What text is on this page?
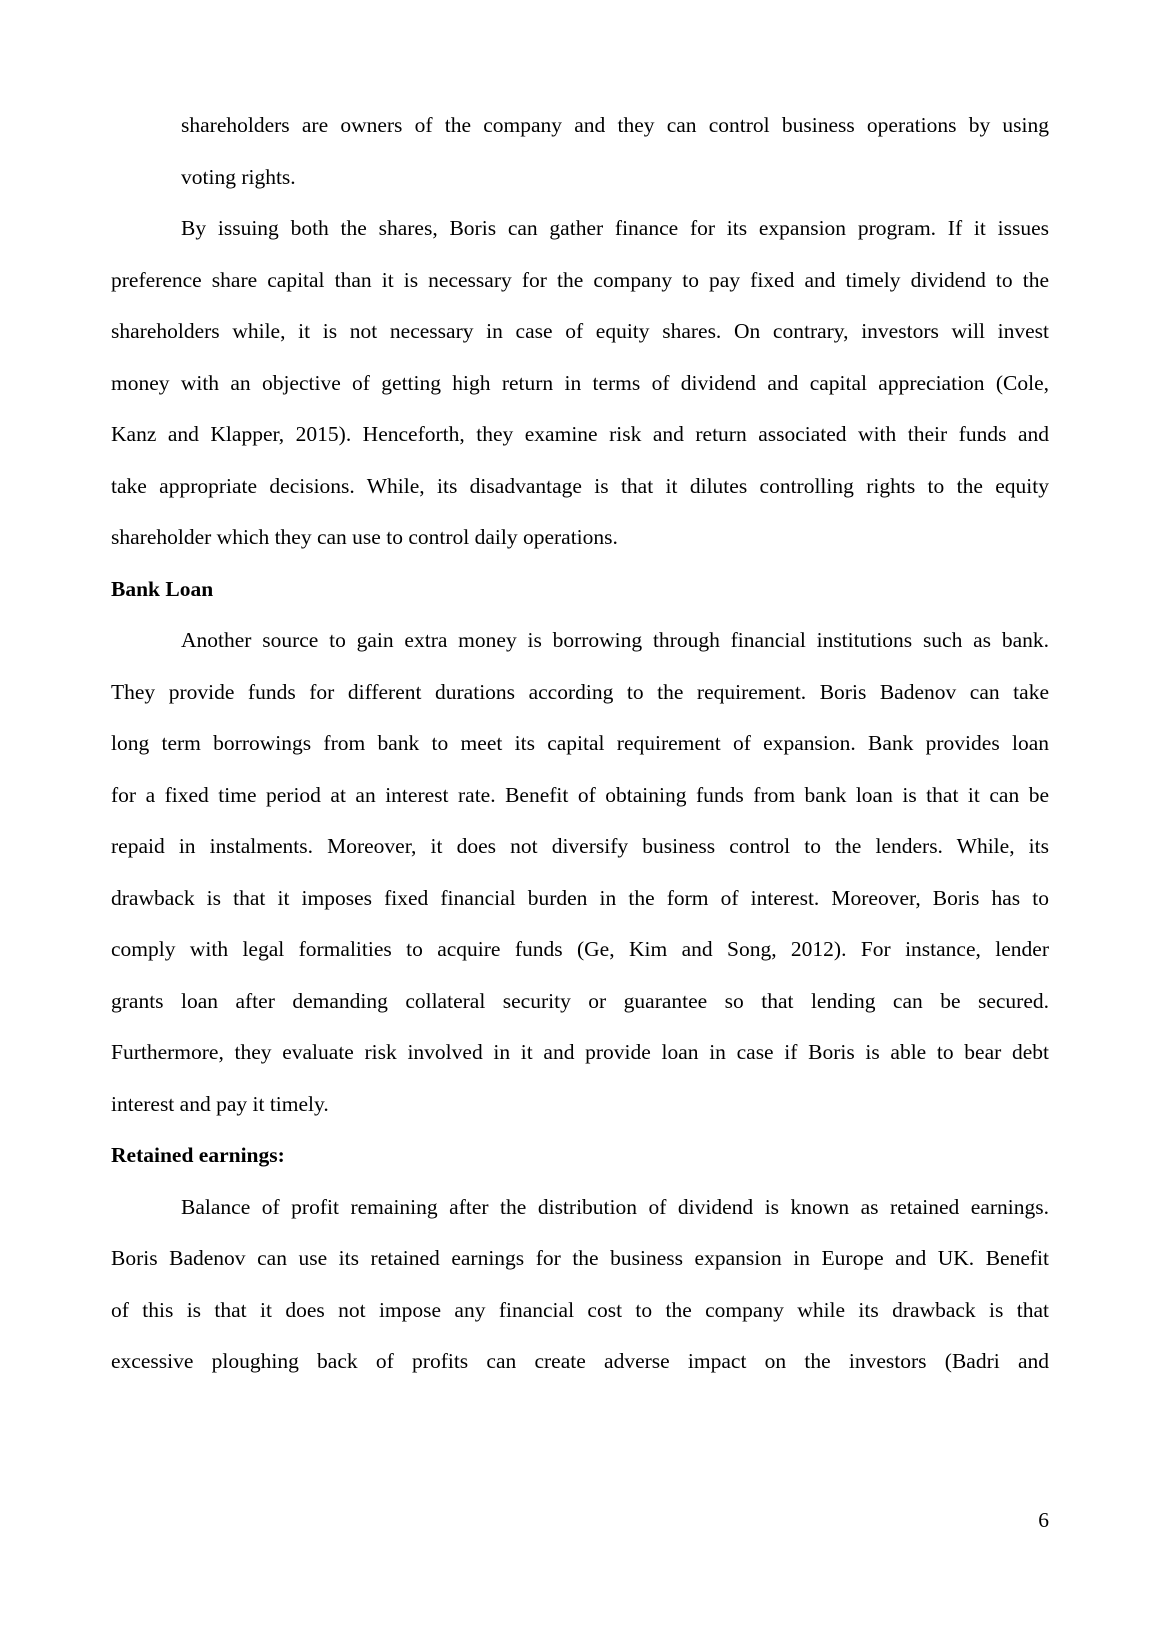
shareholders are owners of the company and they can control business operations by using
voting rights.
By issuing both the shares, Boris can gather finance for its expansion program. If it issues
preference share capital than it is necessary for the company to pay fixed and timely dividend to the
shareholders while, it is not necessary in case of equity shares. On contrary, investors will invest
money with an objective of getting high return in terms of dividend and capital appreciation (Cole,
Kanz and Klapper, 2015). Henceforth, they examine risk and return associated with their funds and
take appropriate decisions. While, its disadvantage is that it dilutes controlling rights to the equity
shareholder which they can use to control daily operations.
Bank Loan
Another source to gain extra money is borrowing through financial institutions such as bank.
They provide funds for different durations according to the requirement. Boris Badenov can take
long term borrowings from bank to meet its capital requirement of expansion. Bank provides loan
for a fixed time period at an interest rate. Benefit of obtaining funds from bank loan is that it can be
repaid in instalments. Moreover, it does not diversify business control to the lenders. While, its
drawback is that it imposes fixed financial burden in the form of interest. Moreover, Boris has to
comply with legal formalities to acquire funds (Ge, Kim and Song, 2012). For instance, lender
grants loan after demanding collateral security or guarantee so that lending can be secured.
Furthermore, they evaluate risk involved in it and provide loan in case if Boris is able to bear debt
interest and pay it timely.
Retained earnings:
Balance of profit remaining after the distribution of dividend is known as retained earnings.
Boris Badenov can use its retained earnings for the business expansion in Europe and UK. Benefit
of this is that it does not impose any financial cost to the company while its drawback is that
excessive ploughing back of profits can create adverse impact on the investors (Badri and
6
